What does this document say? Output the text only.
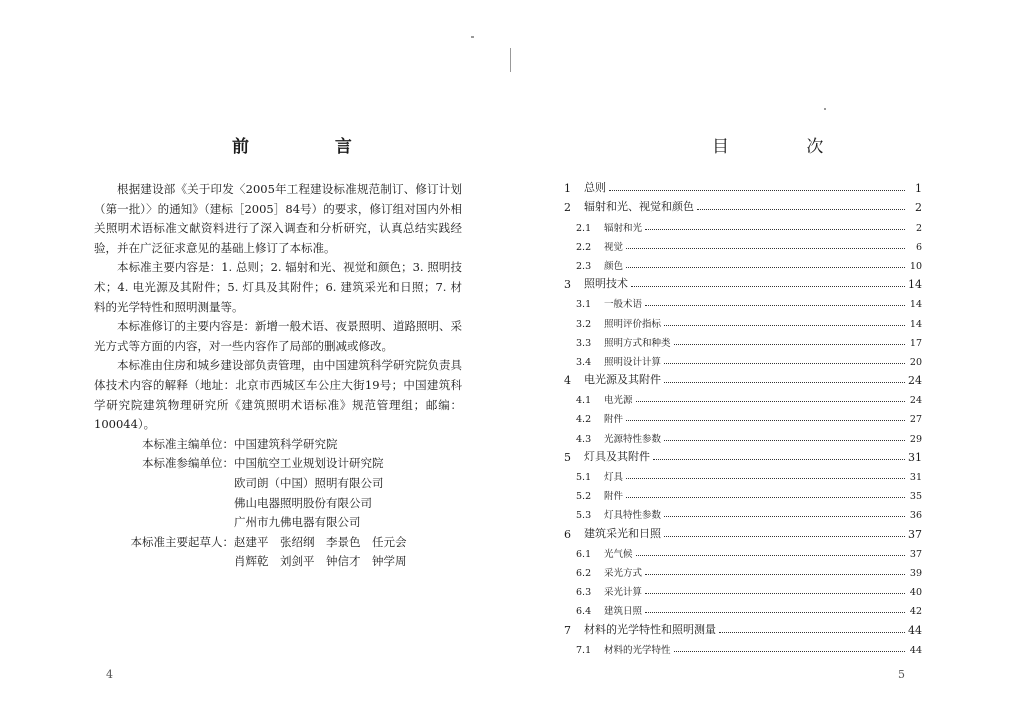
前 言

根据建设部《关于印发〈2005年工程建设标准规范制订、修订计划（第一批）〉的通知》（建标［2005］84号）的要求，修订组对国内外相关照明术语标准文献资料进行了深入调查和分析研究，认真总结实践经验，并在广泛征求意见的基础上修订了本标准。

本标准主要内容是：1. 总则；2. 辐射和光、视觉和颜色；3. 照明技术；4. 电光源及其附件；5. 灯具及其附件；6. 建筑采光和日照；7. 材料的光学特性和照明测量等。

本标准修订的主要内容是：新增一般术语、夜景照明、道路照明、采光方式等方面的内容，对一些内容作了局部的删减或修改。

本标准由住房和城乡建设部负责管理，由中国建筑科学研究院负责具体技术内容的解释（地址：北京市西城区车公庄大街19号；中国建筑科学研究院建筑物理研究所《建筑照明术语标准》规范管理组；邮编：100044）。

本标准主编单位： 中国建筑科学研究院
本标准参编单位： 中国航空工业规划设计研究院
欧司朗（中国）照明有限公司
佛山电器照明股份有限公司
广州市九佛电器有限公司
本标准主要起草人： 赵建平 张绍纲 李景色 任元会
肖辉乾 刘剑平 钟信才 钟学周
4
目 次
1	总则	1
2	辐射和光、视觉和颜色	2
2.1	辐射和光	2
2.2	视觉	6
2.3	颜色	10
3	照明技术	14
3.1	一般术语	14
3.2	照明评价指标	14
3.3	照明方式和种类	17
3.4	照明设计计算	20
4	电光源及其附件	24
4.1	电光源	24
4.2	附件	27
4.3	光源特性参数	29
5	灯具及其附件	31
5.1	灯具	31
5.2	附件	35
5.3	灯具特性参数	36
6	建筑采光和日照	37
6.1	光气候	37
6.2	采光方式	39
6.3	采光计算	40
6.4	建筑日照	42
7	材料的光学特性和照明测量	44
7.1	材料的光学特性	44
5
